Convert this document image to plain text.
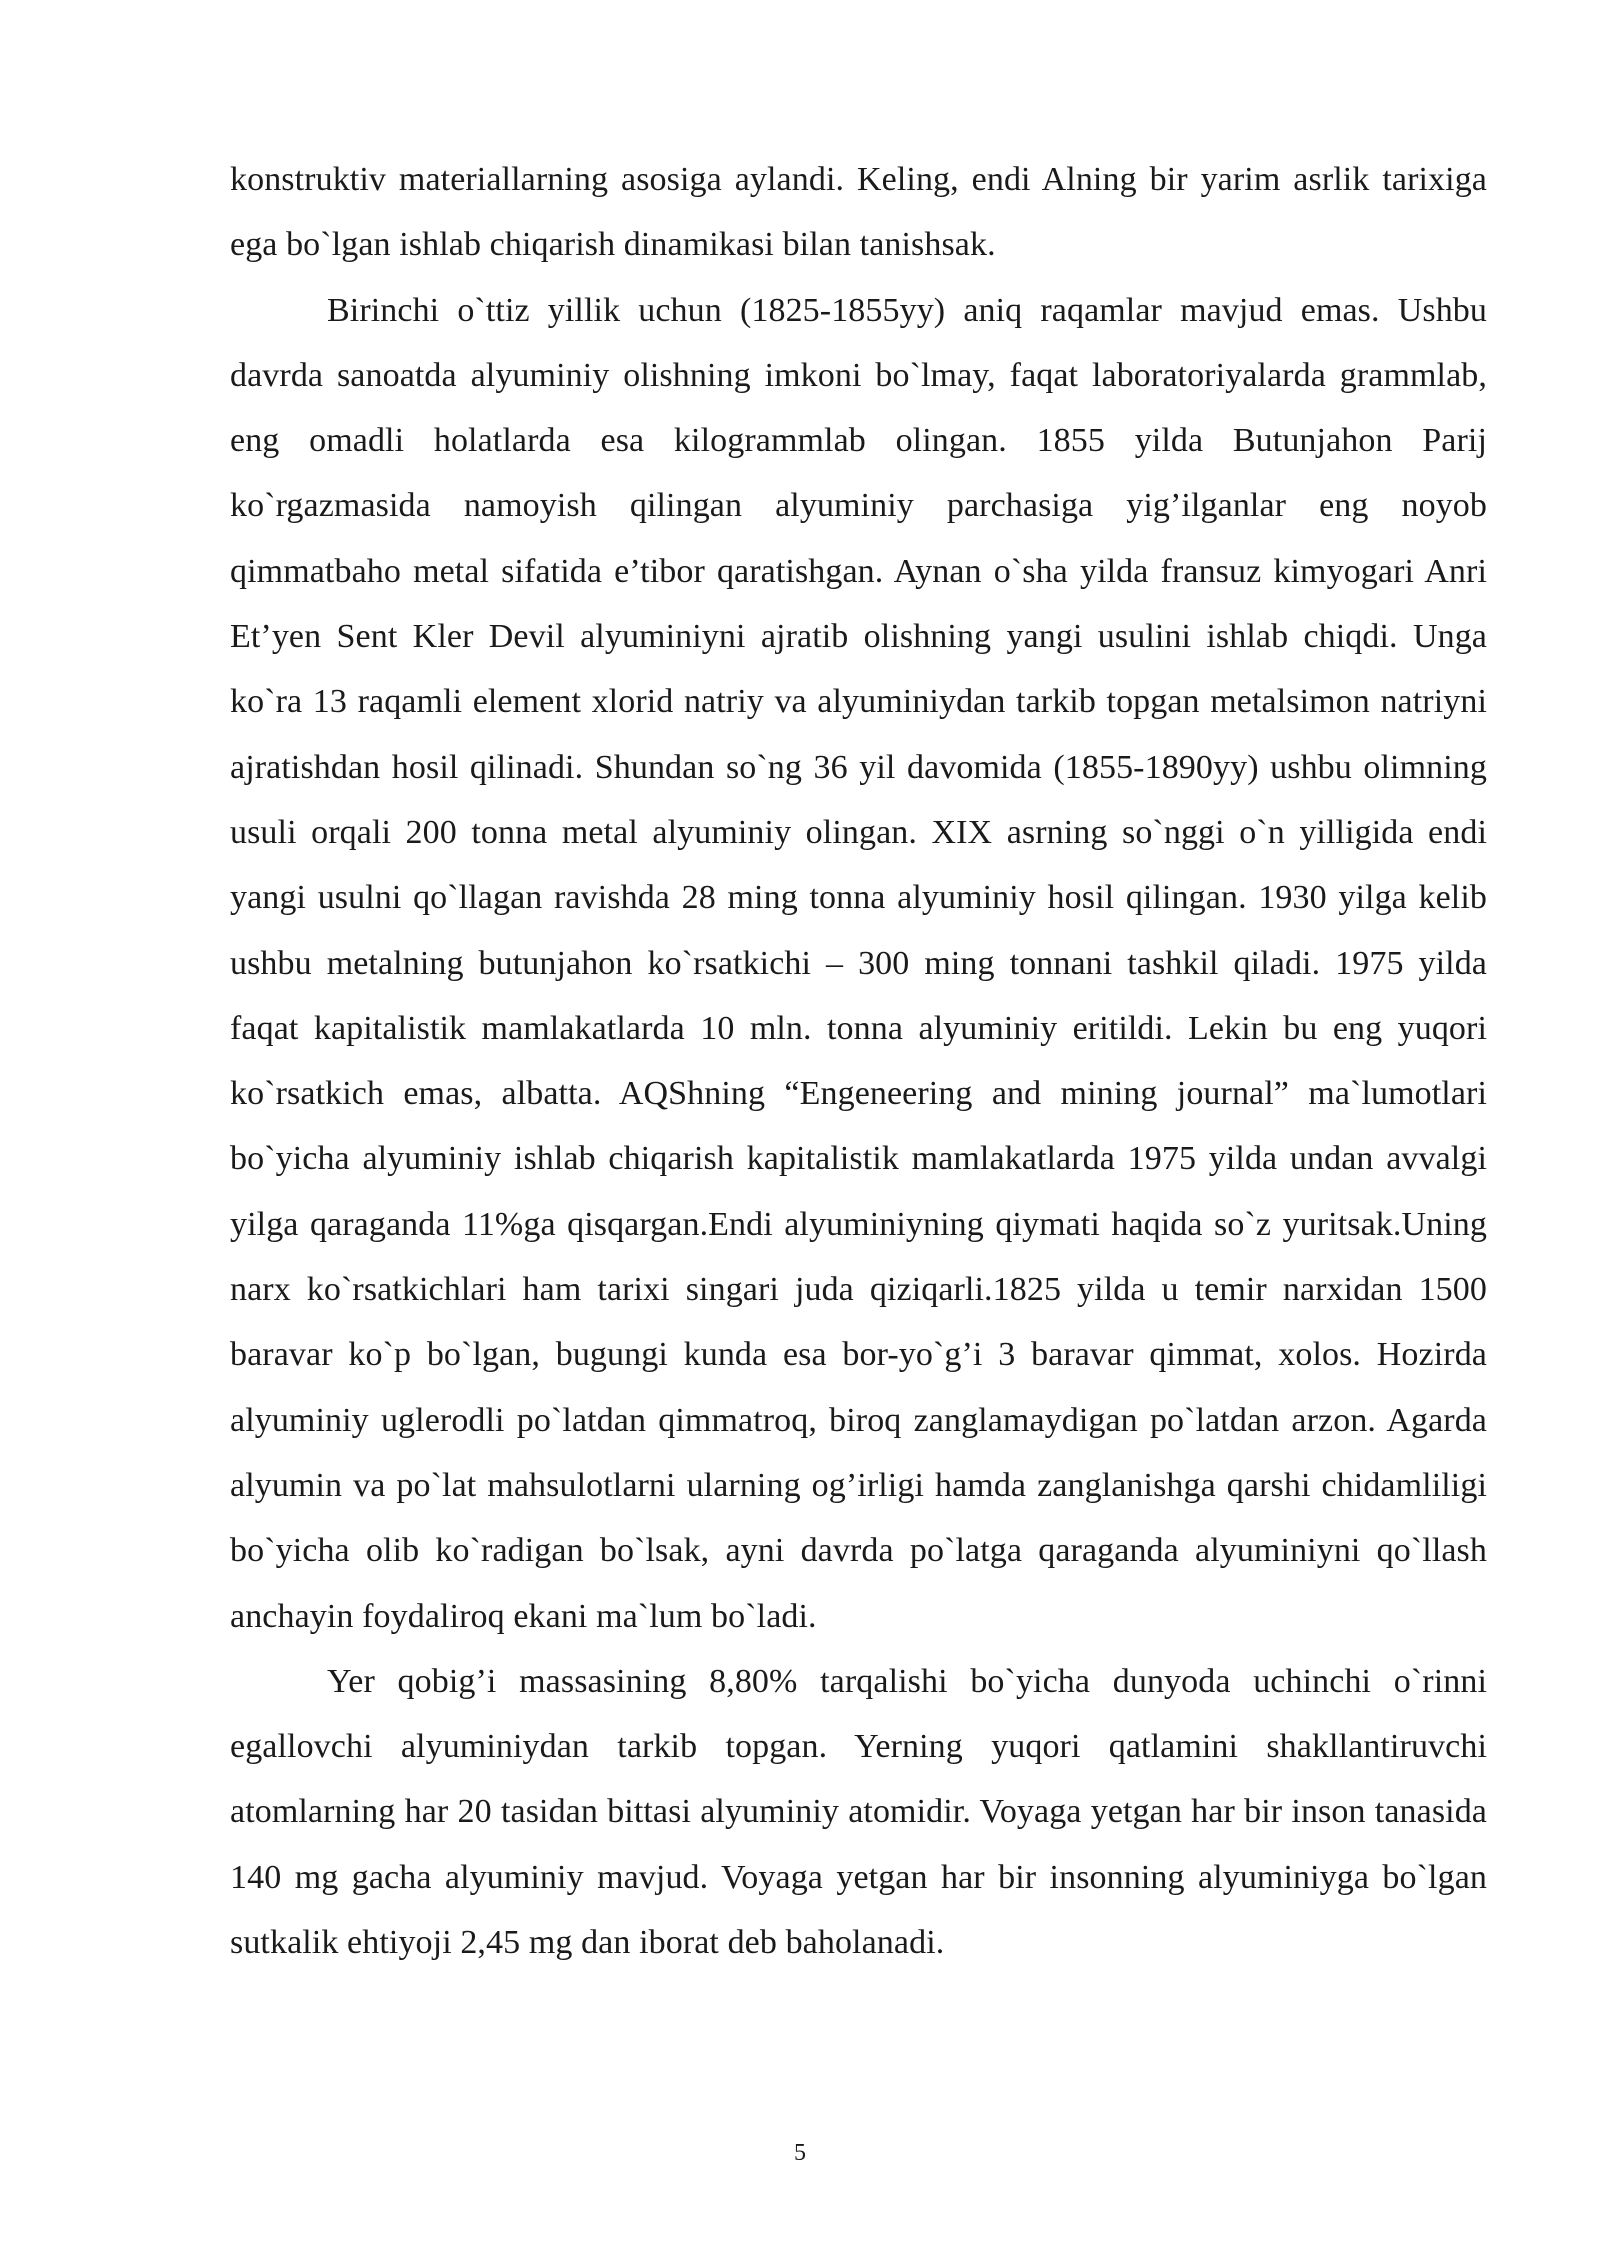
konstruktiv materiallarning asosiga aylandi. Keling, endi Alning bir yarim asrlik tarixiga ega bo`lgan ishlab chiqarish dinamikasi bilan tanishsak.

Birinchi o`ttiz yillik uchun (1825-1855yy) aniq raqamlar mavjud emas. Ushbu davrda sanoatda alyuminiy olishning imkoni bo`lmay, faqat laboratoriyalarda grammlab, eng omadli holatlarda esa kilogrammlab olingan. 1855 yilda Butunjahon Parij ko`rgazmasida namoyish qilingan alyuminiy parchasiga yig’ilganlar eng noyob qimmatbaho metal sifatida e’tibor qaratishgan. Aynan o`sha yilda fransuz kimyogari Anri Et’yen Sent Kler Devil alyuminiyni ajratib olishning yangi usulini ishlab chiqdi. Unga ko`ra 13 raqamli element xlorid natriy va alyuminiydan tarkib topgan metalsimon natriyni ajratishdan hosil qilinadi. Shundan so`ng 36 yil davomida (1855-1890yy) ushbu olimning usuli orqali 200 tonna metal alyuminiy olingan. XIX asrning so`nggi o`n yilligida endi yangi usulni qo`llagan ravishda 28 ming tonna alyuminiy hosil qilingan. 1930 yilga kelib ushbu metalning butunjahon ko`rsatkichi – 300 ming tonnani tashkil qiladi. 1975 yilda faqat kapitalistik mamlakatlarda 10 mln. tonna alyuminiy eritildi. Lekin bu eng yuqori ko`rsatkich emas, albatta. AQShning “Engeneering and mining journal” ma`lumotlari bo`yicha alyuminiy ishlab chiqarish kapitalistik mamlakatlarda 1975 yilda undan avvalgi yilga qaraganda 11%ga qisqargan.Endi alyuminiyning qiymati haqida so`z yuritsak.Uning narx ko`rsatkichlari ham tarixi singari juda qiziqarli.1825 yilda u temir narxidan 1500 baravar ko`p bo`lgan, bugungi kunda esa bor-yo`g’i 3 baravar qimmat, xolos. Hozirda alyuminiy uglerodli po`latdan qimmatroq, biroq zanglamaydigan po`latdan arzon. Agarda alyumin va po`lat mahsulotlarni ularning og’irligi hamda zanglanishga qarshi chidamliligi bo`yicha olib ko`radigan bo`lsak, ayni davrda po`latga qaraganda alyuminiyni qo`llash anchayin foydaliroq ekani ma`lum bo`ladi.

Yer qobig’i massasining 8,80% tarqalishi bo`yicha dunyoda uchinchi o`rinni egallovchi alyuminiydan tarkib topgan. Yerning yuqori qatlamini shakllantiruvchi atomlarning har 20 tasidan bittasi alyuminiy atomidir. Voyaga yetgan har bir inson tanasida 140 mg gacha alyuminiy mavjud. Voyaga yetgan har bir insonning alyuminiyga bo`lgan sutkalik ehtiyoji 2,45 mg dan iborat deb baholanadi.

5
